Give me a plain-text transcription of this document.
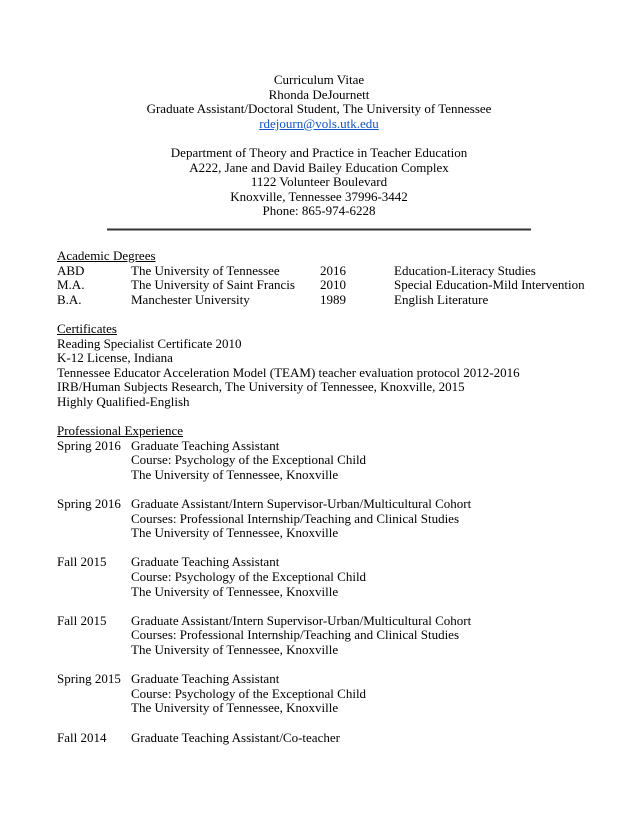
Curriculum Vitae
Rhonda DeJournett
Graduate Assistant/Doctoral Student, The University of Tennessee
rdejourn@vols.utk.edu
Department of Theory and Practice in Teacher Education
A222, Jane and David Bailey Education Complex
1122 Volunteer Boulevard
Knoxville, Tennessee 37996-3442
Phone: 865-974-6228
Academic Degrees
ABD	The University of Tennessee	2016	Education-Literacy Studies
M.A.	The University of Saint Francis 2010	Special Education-Mild Intervention
B.A.	Manchester University	1989	English Literature
Certificates
Reading Specialist Certificate 2010
K-12 License, Indiana
Tennessee Educator Acceleration Model (TEAM) teacher evaluation protocol 2012-2016
IRB/Human Subjects Research, The University of Tennessee, Knoxville, 2015
Highly Qualified-English
Professional Experience
Spring 2016 Graduate Teaching Assistant
Course: Psychology of the Exceptional Child
The University of Tennessee, Knoxville
Spring 2016 Graduate Assistant/Intern Supervisor-Urban/Multicultural Cohort
Courses: Professional Internship/Teaching and Clinical Studies
The University of Tennessee, Knoxville
Fall 2015 Graduate Teaching Assistant
Course: Psychology of the Exceptional Child
The University of Tennessee, Knoxville
Fall 2015 Graduate Assistant/Intern Supervisor-Urban/Multicultural Cohort
Courses: Professional Internship/Teaching and Clinical Studies
The University of Tennessee, Knoxville
Spring 2015 Graduate Teaching Assistant
Course: Psychology of the Exceptional Child
The University of Tennessee, Knoxville
Fall 2014 Graduate Teaching Assistant/Co-teacher
